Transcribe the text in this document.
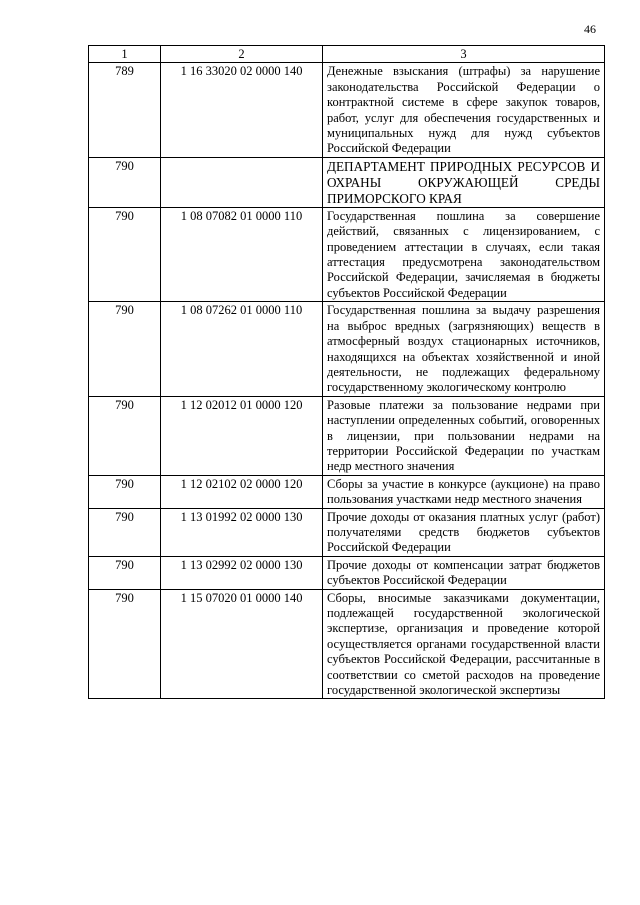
46
1	2	3
789	1 16 33020 02 0000 140	Денежные взыскания (штрафы) за нарушение законодательства Российской Федерации о контрактной системе в сфере закупок товаров, работ, услуг для обеспечения государственных и муниципальных нужд для нужд субъектов Российской Федерации
790		ДЕПАРТАМЕНТ ПРИРОДНЫХ РЕСУРСОВ И ОХРАНЫ ОКРУЖАЮЩЕЙ СРЕДЫ ПРИМОРСКОГО КРАЯ
790	1 08 07082 01 0000 110	Государственная пошлина за совершение действий, связанных с лицензированием, с проведением аттестации в случаях, если такая аттестация предусмотрена законодательством Российской Федерации, зачисляемая в бюджеты субъектов Российской Федерации
790	1 08 07262 01 0000 110	Государственная пошлина за выдачу разрешения на выброс вредных (загрязняющих) веществ в атмосферный воздух стационарных источников, находящихся на объектах хозяйственной и иной деятельности, не подлежащих федеральному государственному экологическому контролю
790	1 12 02012 01 0000 120	Разовые платежи за пользование недрами при наступлении определенных событий, оговоренных в лицензии, при пользовании недрами на территории Российской Федерации по участкам недр местного значения
790	1 12 02102 02 0000 120	Сборы за участие в конкурсе (аукционе) на право пользования участками недр местного значения
790	1 13 01992 02 0000 130	Прочие доходы от оказания платных услуг (работ) получателями средств бюджетов субъектов Российской Федерации
790	1 13 02992 02 0000 130	Прочие доходы от компенсации затрат бюджетов субъектов Российской Федерации
790	1 15 07020 01 0000 140	Сборы, вносимые заказчиками документации, подлежащей государственной экологической экспертизе, организация и проведение которой осуществляется органами государственной власти субъектов Российской Федерации, рассчитанные в соответствии со сметой расходов на проведение государственной экологической экспертизы
